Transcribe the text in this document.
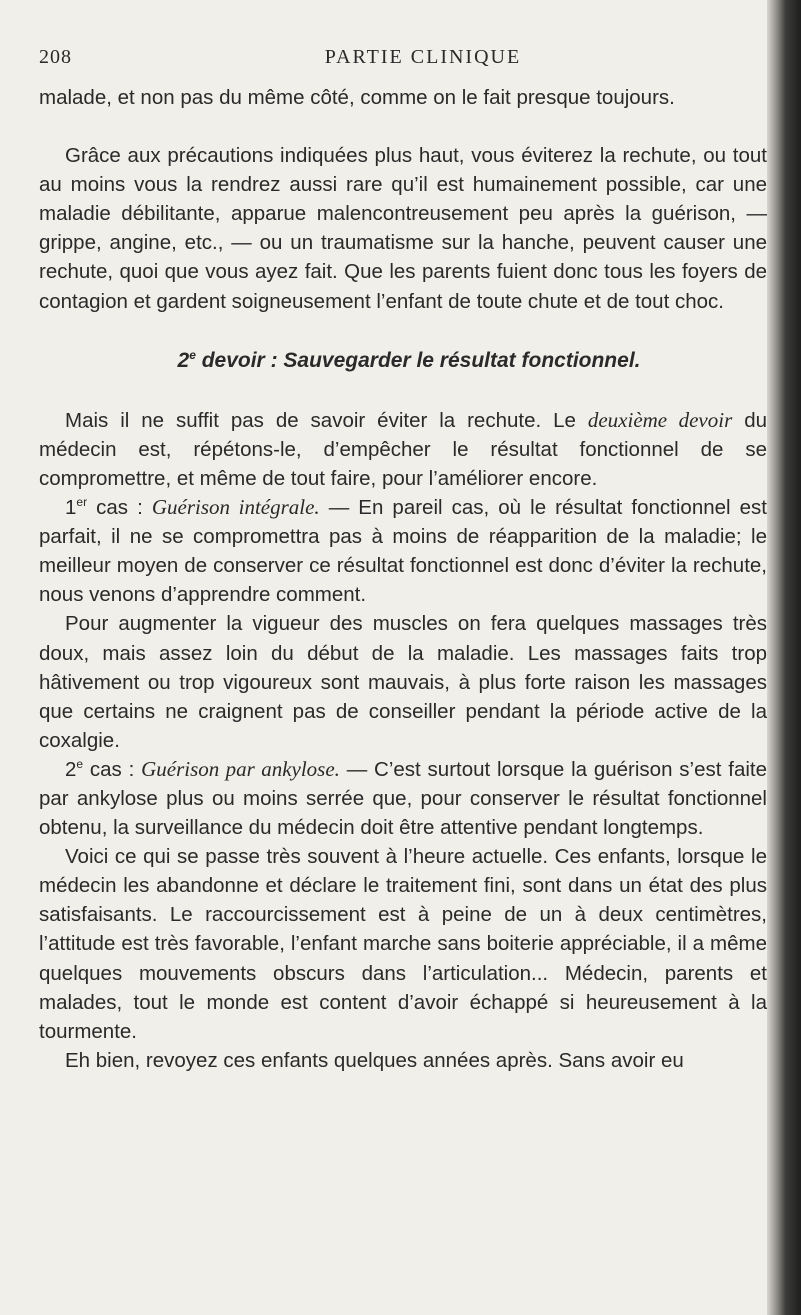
208	PARTIE CLINIQUE

malade, et non pas du même côté, comme on le fait presque toujours.

Grâce aux précautions indiquées plus haut, vous éviterez la rechute, ou tout au moins vous la rendrez aussi rare qu’il est humainement possible, car une maladie débilitante, apparue malencontreusement peu après la guérison, — grippe, angine, etc., — ou un traumatisme sur la hanche, peuvent causer une rechute, quoi que vous ayez fait. Que les parents fuient donc tous les foyers de contagion et gardent soigneusement l’enfant de toute chute et de tout choc.

2e devoir : Sauvegarder le résultat fonctionnel.

Mais il ne suffit pas de savoir éviter la rechute. Le deuxième devoir du médecin est, répétons-le, d’empêcher le résultat fonctionnel de se compromettre, et même de tout faire, pour l’améliorer encore.

1er cas : Guérison intégrale. — En pareil cas, où le résultat fonctionnel est parfait, il ne se compromettra pas à moins de réapparition de la maladie; le meilleur moyen de conserver ce résultat fonctionnel est donc d’éviter la rechute, nous venons d’apprendre comment.

Pour augmenter la vigueur des muscles on fera quelques massages très doux, mais assez loin du début de la maladie. Les massages faits trop hâtivement ou trop vigoureux sont mauvais, à plus forte raison les massages que certains ne craignent pas de conseiller pendant la période active de la coxalgie.

2e cas : Guérison par ankylose. — C’est surtout lorsque la guérison s’est faite par ankylose plus ou moins serrée que, pour conserver le résultat fonctionnel obtenu, la surveillance du médecin doit être attentive pendant longtemps.

Voici ce qui se passe très souvent à l’heure actuelle. Ces enfants, lorsque le médecin les abandonne et déclare le traitement fini, sont dans un état des plus satisfaisants. Le raccourcissement est à peine de un à deux centimètres, l’attitude est très favorable, l’enfant marche sans boiterie appréciable, il a même quelques mouvements obscurs dans l’articulation... Médecin, parents et malades, tout le monde est content d’avoir échappé si heureusement à la tourmente.

Eh bien, revoyez ces enfants quelques années après. Sans avoir eu
